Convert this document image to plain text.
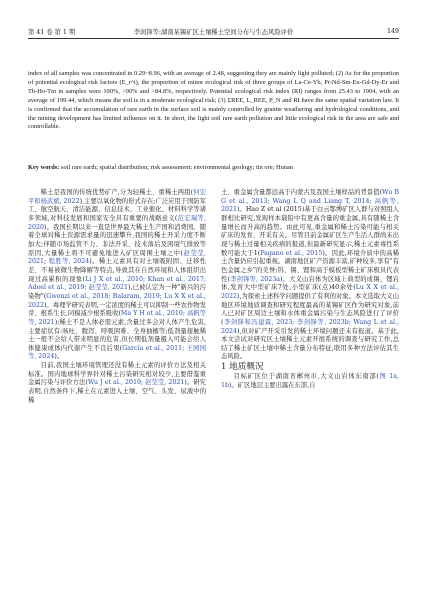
第 41 卷 第 1 期	李润锋等:湖南某锡矿区土壤稀土空间分布与生态风险评价	149
index of all samples was concentrated in 0.29~8.96, with an average of 2.48, suggesting they are mainly light polluted; (2) As for the proportion of potential ecological risk factors (E_r^i), the proportion of minor ecological risk of three groups of La-Ce-Yb, Pr-Nd-Sm-Eu-Gd-Dy-Er and Tb-Ho-Tm in samples were 100%, >90% and >84.8%, respectively. Potential ecological risk index (RI) ranges from 25.43 to 1904, with an average of 199.44, which means the soil is in a moderate ecological risk; (3) ΣREE, L_REE, P_N and RI have the same spatial variation law. It is confirmed that the accumulation of rare earth in the surface soil is mainly controlled by granite weathering and hydrological conditions, and the mining development has limited influence on it. In short, the light soil rare earth pollution and little ecological risk in the area are safe and controllable.
Key words: soil rare earth; spatial distribution; risk assessment; environmental geology; tin ore; Hunan

稀土是我国的传统优势矿产,分为轻稀土、重稀土两组(何宏平和杨武斌, 2022),主要以氧化物的形式存在;广泛应用于国防军工、航空航天、清洁能源、信息技术、工业催化、材料科学等诸多领域,对科技发展和国家安全具有重要的战略意义(范宏瑞等, 2020)。我国长期以来一直是世界最大稀土生产国和消费国。随着全球对稀土资源需求量的迅速攀升,我国的稀土开采力度不断加大;伴随市场监管不力、非法开采、技术落后及困境气排放等原因,大量稀土将不可避免地进入矿区周围土壤之中(赵莹莹, 2021; 程胜等, 2024)。稀土元素具有对土壤吸附固、迁移性差、不易被微生物降解等特点,导致其在自然环境和人体组织出现过高累积的现象(Li J X et al., 2010; Khan et al., 2017; Adeel et al., 2019; 赵莹莹, 2021),已被认定为一种"新兴的污染物"(Gwenzi et al., 2018; Balaram, 2019; Lu X X et al., 2022)。毒理学研究表明,一定浓度的稀土可以抑制一些农作物发芽、根系生长,同模减少根系吸收(Ma Y H et al., 2010; 高帆等等, 2021);稀土不是人体必需元素,含量过多会对人体产生危害,主要症状有:咳吐、腹泻、呼吸困难、全身抽搐等;低剂量接触稀土一般不会给人带来明显的危害,但长期低剂量摄入可能会给人体健康或体内代谢产生不良后果(García et al., 2011; 王园园等, 2024)。

目前,我国土壤环境管理还没有稀土元素的评价方法及相关标准。国内地球科学界针对稀土污染研究相对较少,主要借鉴重金属污染与评价方法(Wu J et al., 2019; 赵莹莹, 2021)。研究表明,自然条件下,稀土在元素进入土壤、空气、头发、尿液中的稀

土、重金属含量都远高于内蒙古及我国土壤样品的背景值(Wu B G et al., 2013; Wang L Q and Liang T, 2014; 高帆等, 2021)。Hao Z et al (2015)基于白云鄂博矿区人群与对照组人群相比研究,发现样本载铅中有更高含量的重金属,具有随稀土含量增长而升高的趋势。由此可见,重金属和稀土污染可能与相关矿床的发育、开采有关。尽管目前金属矿区生产生活人群尚未出现与稀土过量相关疾病的报道,但最新研究显示,稀土元素毒性系数可能大于1(Pagano et al., 2015)。因此,环境介质中的高稀土含量仍应引起重视。湖南地区矿产资源丰富,矿种较多,享有"有色金属之乡"的美誉;钨、锡、锂和高于模板型稀土矿床极具代表性(李剑锋等, 2023a)。大义山岩体为区域上典型的成锡、锂岩体,发育大中型矿床7处,小型矿床(点)40余处(Lu X X et al., 2022),为探索土述科学问题提供了有利的对象。本文选取大义山地区环境地质调查和研究程度最高的某锡矿区作为研究对象,前人已对矿区周边土壤和水体重金属污染与生态风险进行了评价(李剑锋和冯建霖, 2023; 李剑锋等, 2023b; Wang L et al., 2024),但对矿产开采引发的稀土环境问题还未有报道。基于此,本文尝试对研究区土壤稀土元素开展系统的调查与研究工作,总结了稀土矿区土壤中稀土含量分布特征,联用多种方法评估其生态风险。

1 地质概况

目标矿区位于湖南省郴州市,大义山岩体东南部(图 1a, 1b)。矿区地层主要出露在东部,自
